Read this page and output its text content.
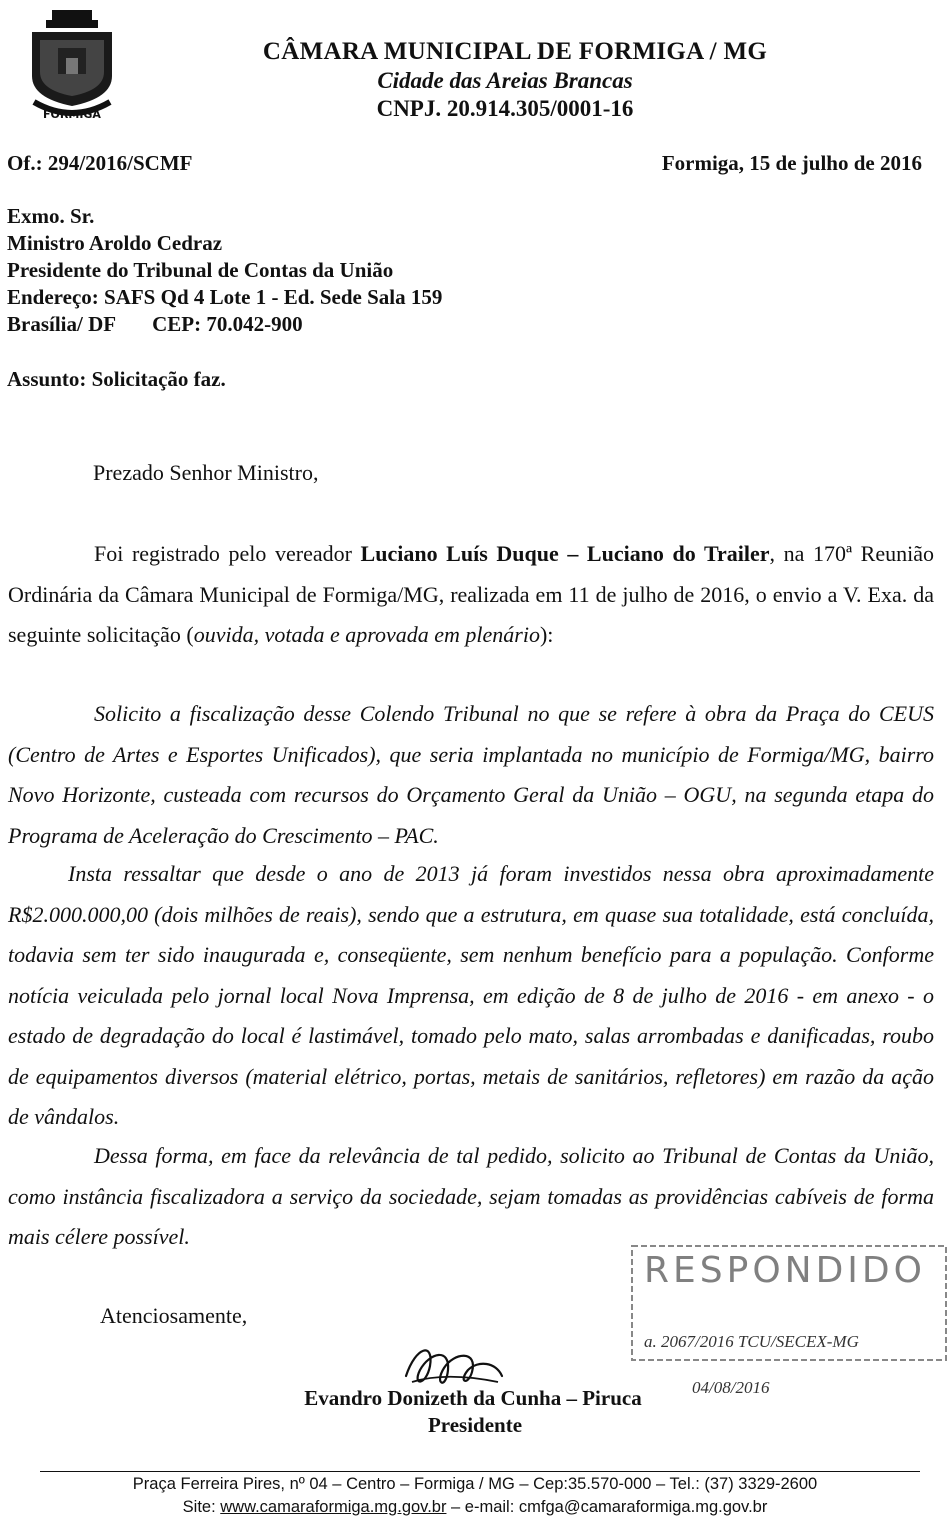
FORMIGA
CÂMARA MUNICIPAL DE FORMIGA / MG
Cidade das Areias Brancas
CNPJ. 20.914.305/0001-16
Of.: 294/2016/SCMF	Formiga, 15 de julho de 2016
Exmo. Sr.
Ministro Aroldo Cedraz
Presidente do Tribunal de Contas da União
Endereço: SAFS Qd 4 Lote 1 - Ed. Sede Sala 159
Brasília/ DF CEP: 70.042-900
Assunto: Solicitação faz.
Prezado Senhor Ministro,

Foi registrado pelo vereador Luciano Luís Duque – Luciano do Trailer, na 170ª Reunião Ordinária da Câmara Municipal de Formiga/MG, realizada em 11 de julho de 2016, o envio a V. Exa. da seguinte solicitação (ouvida, votada e aprovada em plenário):

Solicito a fiscalização desse Colendo Tribunal no que se refere à obra da Praça do CEUS (Centro de Artes e Esportes Unificados), que seria implantada no município de Formiga/MG, bairro Novo Horizonte, custeada com recursos do Orçamento Geral da União – OGU, na segunda etapa do Programa de Aceleração do Crescimento – PAC.

Insta ressaltar que desde o ano de 2013 já foram investidos nessa obra aproximadamente R$2.000.000,00 (dois milhões de reais), sendo que a estrutura, em quase sua totalidade, está concluída, todavia sem ter sido inaugurada e, conseqüente, sem nenhum benefício para a população. Conforme notícia veiculada pelo jornal local Nova Imprensa, em edição de 8 de julho de 2016 - em anexo - o estado de degradação do local é lastimável, tomado pelo mato, salas arrombadas e danificadas, roubo de equipamentos diversos (material elétrico, portas, metais de sanitários, refletores) em razão da ação de vândalos.

Dessa forma, em face da relevância de tal pedido, solicito ao Tribunal de Contas da União, como instância fiscalizadora a serviço da sociedade, sejam tomadas as providências cabíveis de forma mais célere possível.

Atenciosamente,
RESPONDIDO
a. 2067/2016 TCU/SECEX-MG
04/08/2016
Evandro Donizeth da Cunha – Piruca
Presidente
Praça Ferreira Pires, nº 04 – Centro – Formiga / MG – Cep:35.570-000 – Tel.: (37) 3329-2600
Site: www.camaraformiga.mg.gov.br – e-mail: cmfga@camaraformiga.mg.gov.br
